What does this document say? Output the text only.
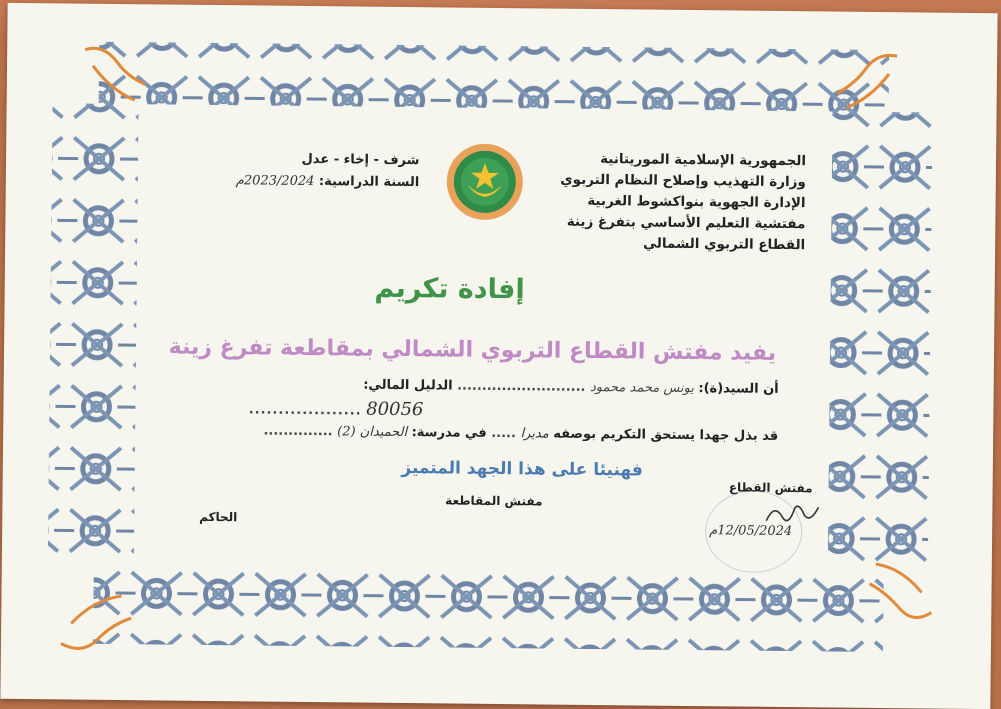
الجمهورية الإسلامية الموريتانية
وزارة التهذيب وإصلاح النظام التربوي
الإدارة الجهوية بنواكشوط الغربية
مفتشية التعليم الأساسي بتفرغ زينة
القطاع التربوي الشمالي
شرف - إخاء - عدل
السنة الدراسية: 2023/2024م
إفادة تكريم
يفيد مفتش القطاع التربوي الشمالي بمقاطعة تفرغ زينة
أن السيد(ة): يونس محمد محمود .......................... الدليل المالي:
80056 ...................
قد بذل جهدا يستحق التكريم بوصفه مديرا ..... في مدرسة: الحميدان (2) ..............
فهنيئا على هذا الجهد المتميز
مفتش القطاع
مفتش المقاطعة
الحاكم
12/05/2024م
